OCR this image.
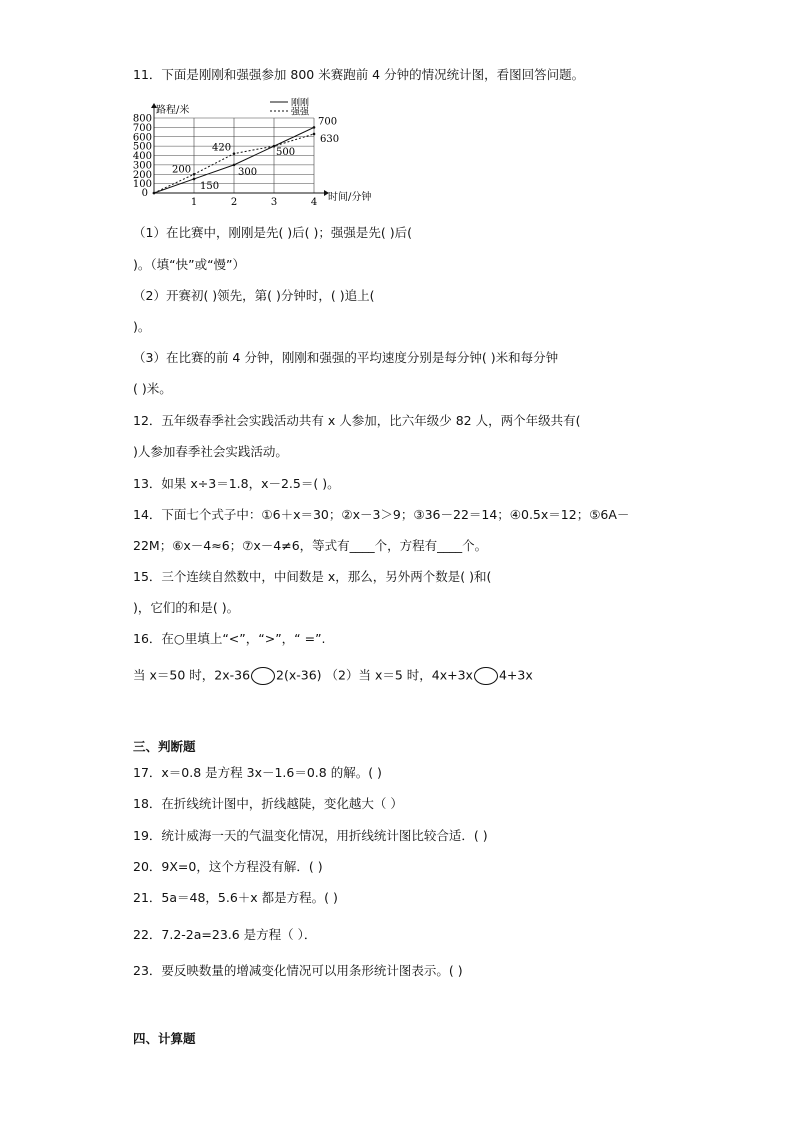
11．下面是刚刚和强强参加 800 米赛跑前 4 分钟的情况统计图，看图回答问题。
100
200
300
400
500
600
700
800
1	2	3	4
0
路程/米
时间/分钟
150
300
500
700
200
420
630
刚刚
强强
（1）在比赛中，刚刚是先( )后( )；强强是先( )后(
)。（填“快”或“慢”）
（2）开赛初( )领先，第( )分钟时，( )追上(
)。
（3）在比赛的前 4 分钟，刚刚和强强的平均速度分别是每分钟( )米和每分钟
( )米。
12．五年级春季社会实践活动共有 x 人参加，比六年级少 82 人，两个年级共有(
)人参加春季社会实践活动。
13．如果 x÷3＝1.8，x－2.5＝( )。
14．下面七个式子中：①6＋x＝30；②x－3＞9；③36－22＝14；④0.5x＝12；⑤6A－
22M；⑥x－4≈6；⑦x－4≠6，等式有____个，方程有____个。
15．三个连续自然数中，中间数是 x，那么，另外两个数是( )和(
)，它们的和是( )。
16．在○里填上“<”，“>”，“ =”.
当 x＝50 时，2x-36 2(x-36) （2）当 x＝5 时，4x+3x 4+3x
三、判断题
17．x＝0.8 是方程 3x－1.6＝0.8 的解。( )
18．在折线统计图中，折线越陡，变化越大（ ）
19．统计威海一天的气温变化情况，用折线统计图比较合适．( )
20．9X=0，这个方程没有解．( )
21．5a＝48，5.6＋x 都是方程。( )
22．7.2-2a=23.6 是方程（ ）．
23．要反映数量的增减变化情况可以用条形统计图表示。( )
四、计算题
